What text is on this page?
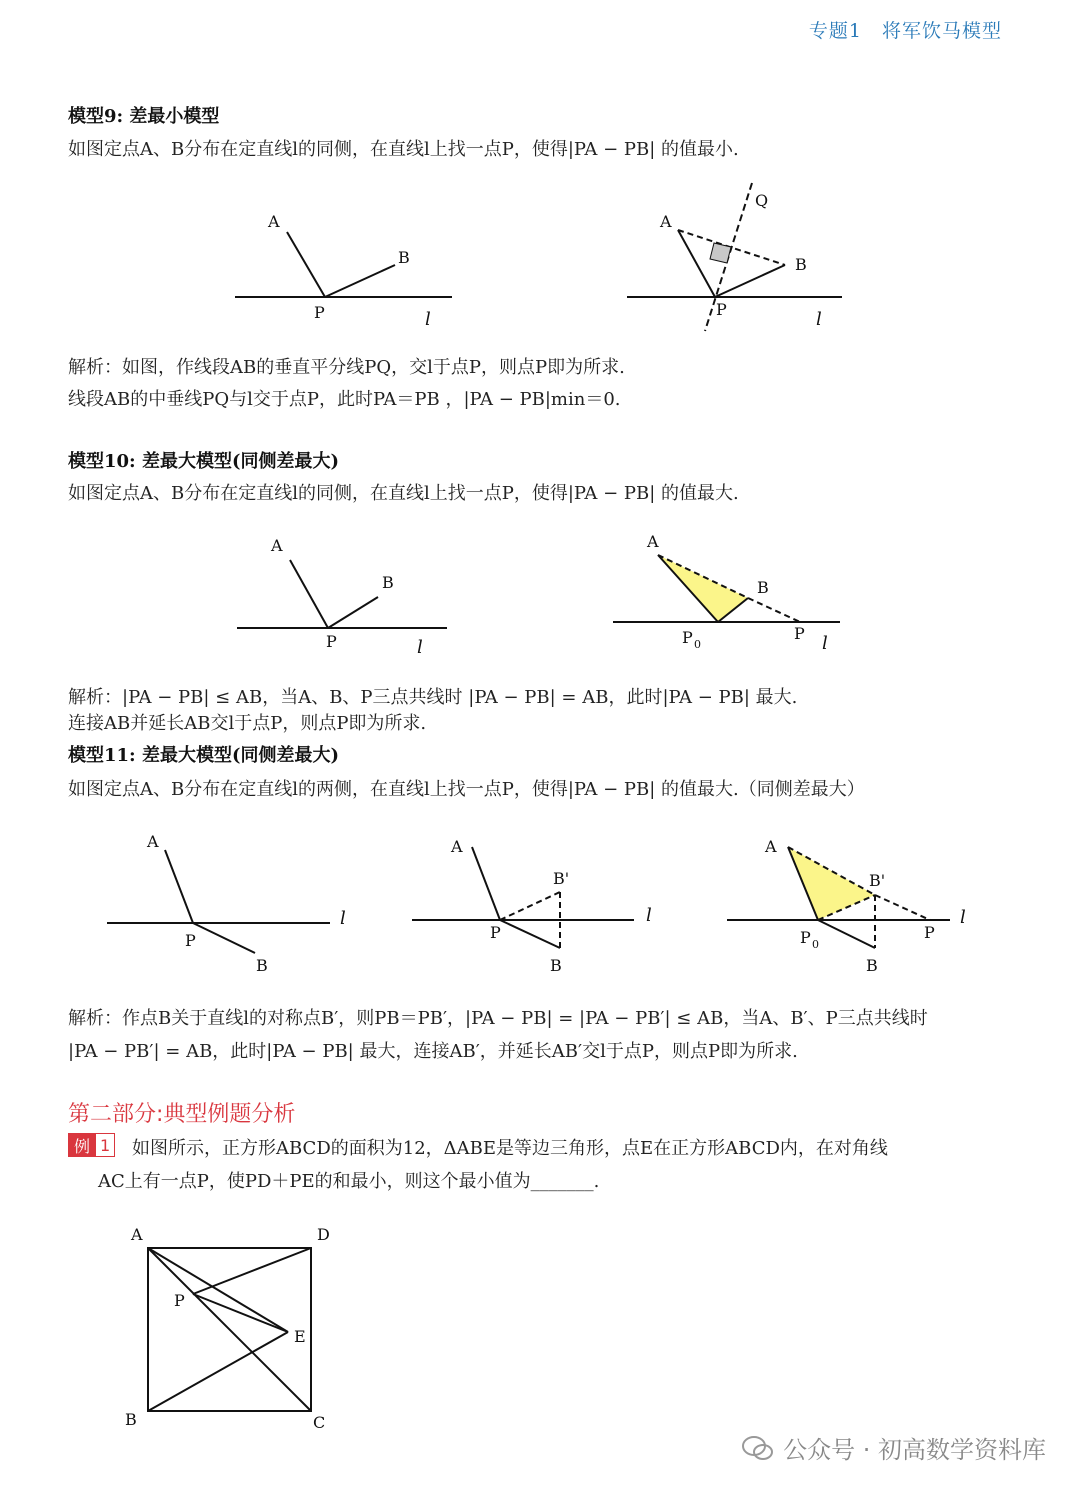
专题1　将军饮马模型
模型9: 差最小模型
如图定点A、B分布在定直线l的同侧，在直线l上找一点P，使得|PA − PB| 的值最小.
A
B
P	l
A
B
Q
P	l
解析：如图，作线段AB的垂直平分线PQ，交l于点P，则点P即为所求.
线段AB的中垂线PQ与l交于点P，此时PA＝PB ，|PA − PB|min＝0.
模型10: 差最大模型(同侧差最大)
如图定点A、B分布在定直线l的同侧，在直线l上找一点P，使得|PA − PB| 的值最大.
A
B
P	l
A
B
P 0
P l
解析：|PA − PB| ≤ AB，当A、B、P三点共线时 |PA − PB| = AB，此时|PA − PB| 最大.
连接AB并延长AB交l于点P，则点P即为所求.
模型11: 差最大模型(同侧差最大)
如图定点A、B分布在定直线l的两侧，在直线l上找一点P，使得|PA − PB| 的值最大.（同侧差最大）
A
P
B
l
A
P
B'
B
l
A
B'
P 0
P
B
l
解析：作点B关于直线l的对称点B′，则PB＝PB′，|PA − PB| = |PA − PB′| ≤ AB，当A、B′、P三点共线时
|PA − PB′| = AB，此时|PA − PB| 最大，连接AB′，并延长AB′交l于点P，则点P即为所求.
第二部分:典型例题分析
例 1 如图所示，正方形ABCD的面积为12，ΔABE是等边三角形，点E在正方形ABCD内，在对角线
AC上有一点P，使PD＋PE的和最小，则这个最小值为_______.
A	D
B	C
P
E
公众号 · 初高数学资料库
